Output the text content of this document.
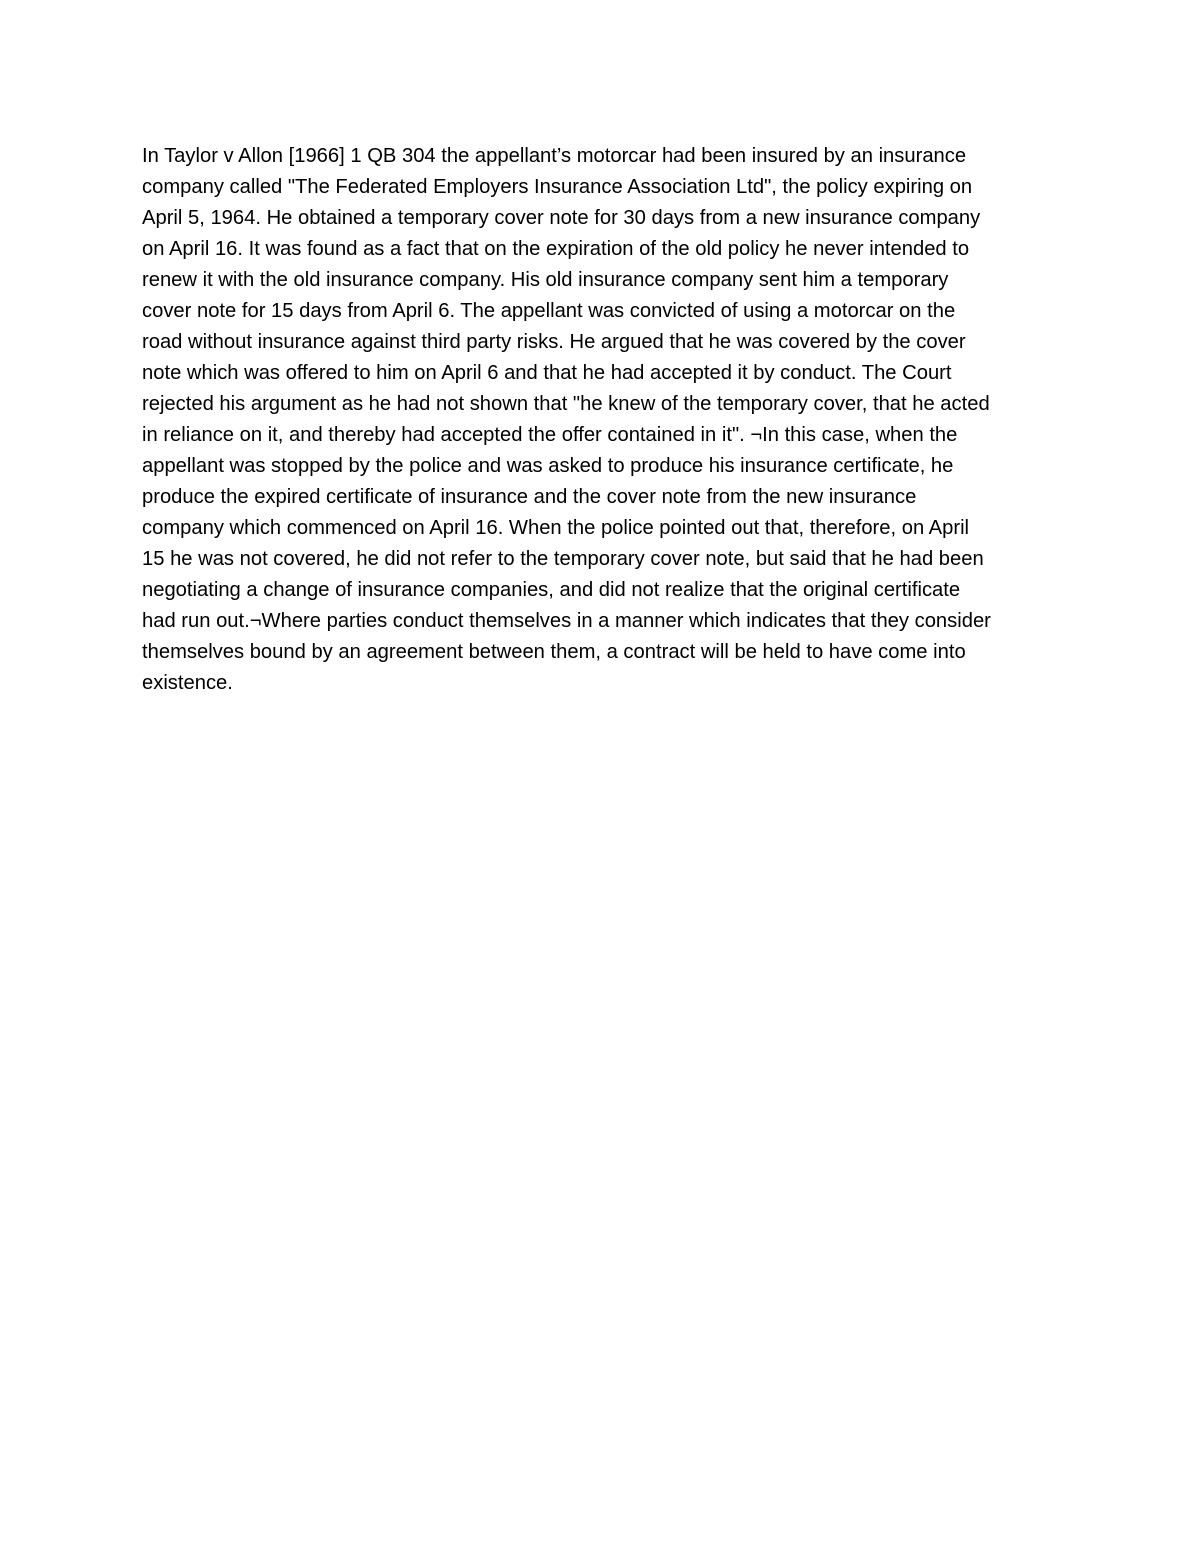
In Taylor v Allon [1966] 1 QB 304 the appellant’s motorcar had been insured by an insurance
company called "The Federated Employers Insurance Association Ltd", the policy expiring on
April 5, 1964. He obtained a temporary cover note for 30 days from a new insurance company
on April 16. It was found as a fact that on the expiration of the old policy he never intended to
renew it with the old insurance company. His old insurance company sent him a temporary
cover note for 15 days from April 6. The appellant was convicted of using a motorcar on the
road without insurance against third party risks. He argued that he was covered by the cover
note which was offered to him on April 6 and that he had accepted it by conduct. The Court
rejected his argument as he had not shown that "he knew of the temporary cover, that he acted
in reliance on it, and thereby had accepted the offer contained in it". ¬In this case, when the
appellant was stopped by the police and was asked to produce his insurance certificate, he
produce the expired certificate of insurance and the cover note from the new insurance
company which commenced on April 16. When the police pointed out that, therefore, on April
15 he was not covered, he did not refer to the temporary cover note, but said that he had been
negotiating a change of insurance companies, and did not realize that the original certificate
had run out.¬Where parties conduct themselves in a manner which indicates that they consider
themselves bound by an agreement between them, a contract will be held to have come into
existence.
